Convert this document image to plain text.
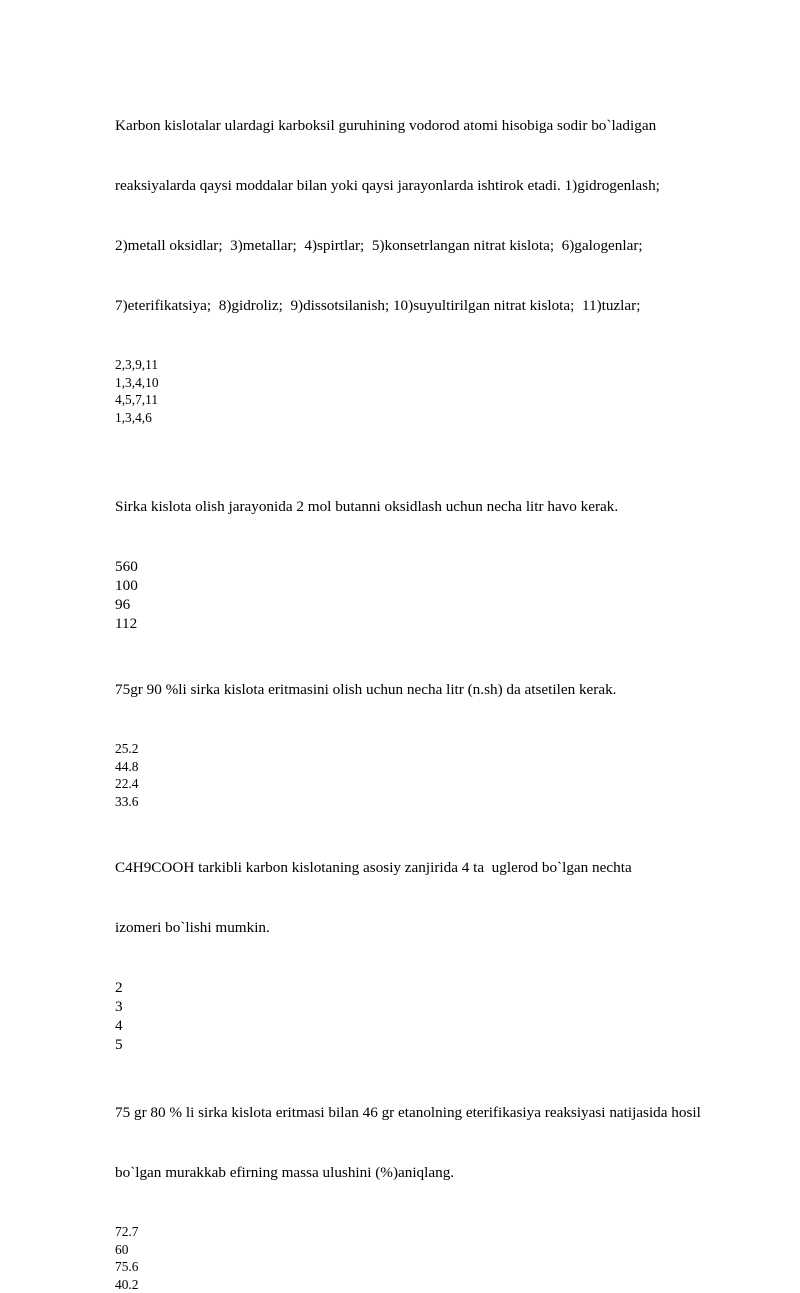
Karbon kislotalar ulardagi karboksil guruhining vodorod atomi hisobiga sodir bo`ladigan

reaksiyalarda qaysi moddalar bilan yoki qaysi jarayonlarda ishtirok etadi. 1)gidrogenlash;

2)metall oksidlar;  3)metallar;  4)spirtlar;  5)konsetrlangan nitrat kislota;  6)galogenlar;

7)eterifikatsiya;  8)gidroliz;  9)dissotsilanish; 10)suyultirilgan nitrat kislota;  11)tuzlar;

2,3,9,11
1,3,4,10
4,5,7,11
1,3,4,6

Sirka kislota olish jarayonida 2 mol butanni oksidlash uchun necha litr havo kerak.

560
100
96
112

75gr 90 %li sirka kislota eritmasini olish uchun necha litr (n.sh) da atsetilen kerak.

25.2
44.8
22.4
33.6

C4H9COOH tarkibli karbon kislotaning asosiy zanjirida 4 ta  uglerod bo`lgan nechta

izomeri bo`lishi mumkin.

2
3
4
5

75 gr 80 % li sirka kislota eritmasi bilan 46 gr etanolning eterifikasiya reaksiyasi natijasida hosil

bo`lgan murakkab efirning massa ulushini (%)aniqlang.

72.7
60
75.6
40.2
